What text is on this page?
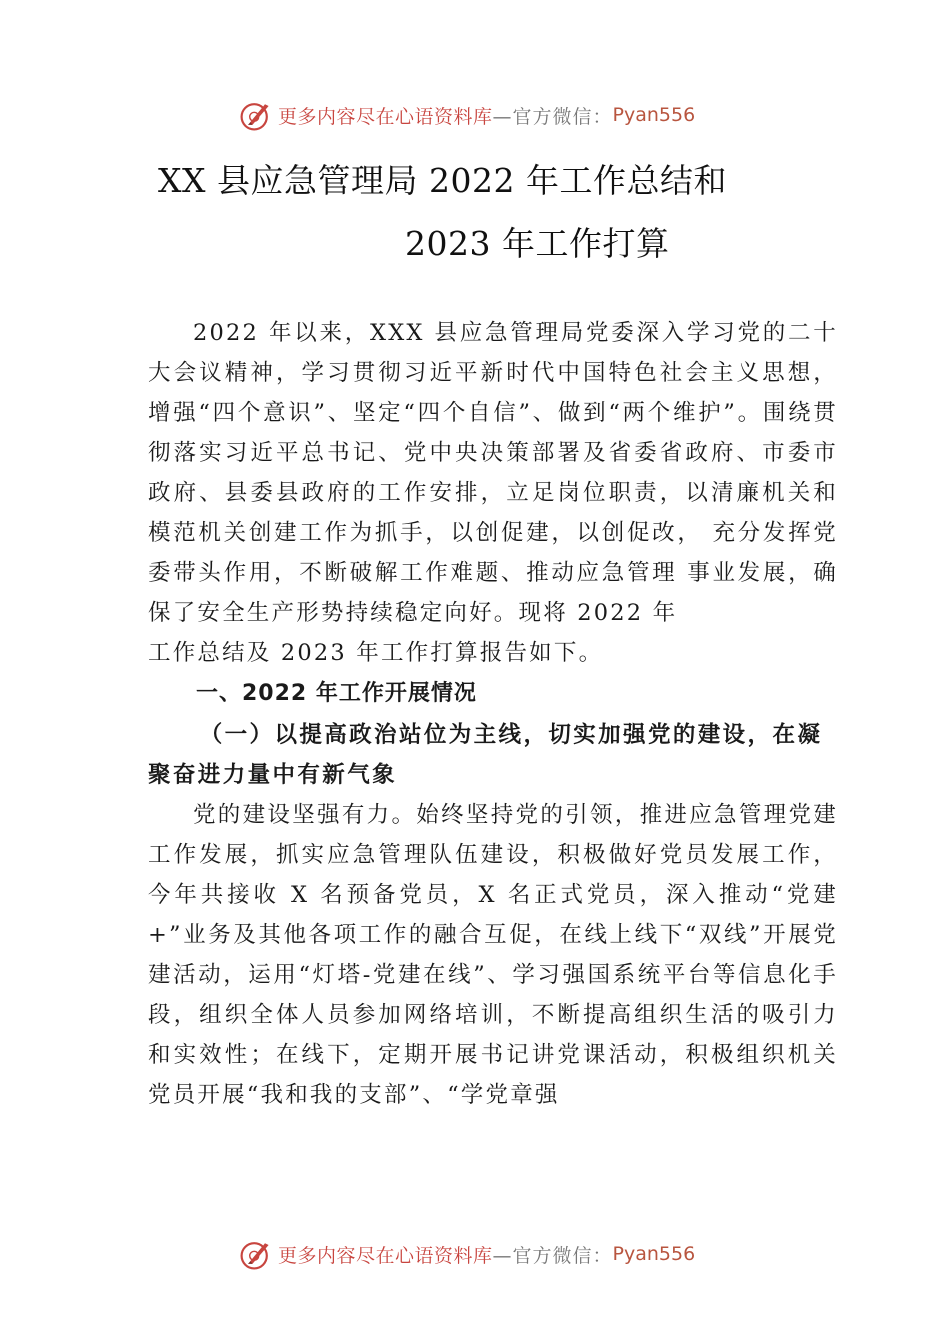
更多内容尽在心语资料库 —官方微信： Pyan556
XX 县应急管理局 2022 年工作总结和
2023 年工作打算

2022 年以来，XXX 县应急管理局党委深入学习党的二十大会议精神，学习贯彻习近平新时代中国特色社会主义思想，增强“四个意识”、坚定“四个自信”、做到“两个维护”。围绕贯彻落实习近平总书记、党中央决策部署及省委省政府、市委市政府、县委县政府的工作安排，立足岗位职责，以清廉机关和模范机关创建工作为抓手，以创促建，以创促改， 充分发挥党委带头作用，不断破解工作难题、推动应急管理 事业发展，确保了安全生产形势持续稳定向好。现将 2022 年

工作总结及 2023 年工作打算报告如下。

一、2022 年工作开展情况
（一）以提高政治站位为主线，切实加强党的建设，在凝聚奋进力量中有新气象

党的建设坚强有力。始终坚持党的引领，推进应急管理党建工作发展，抓实应急管理队伍建设，积极做好党员发展工作，今年共接收 X 名预备党员，X 名正式党员，深入推动“党建+”业务及其他各项工作的融合互促，在线上线下“双线”开展党建活动，运用“灯塔-党建在线”、学习强国系统平台等信息化手段，组织全体人员参加网络培训，不断提高组织生活的吸引力和实效性；在线下，定期开展书记讲党课活动，积极组织机关党员开展“我和我的支部”、“学党章强

更多内容尽在心语资料库 —官方微信： Pyan556
